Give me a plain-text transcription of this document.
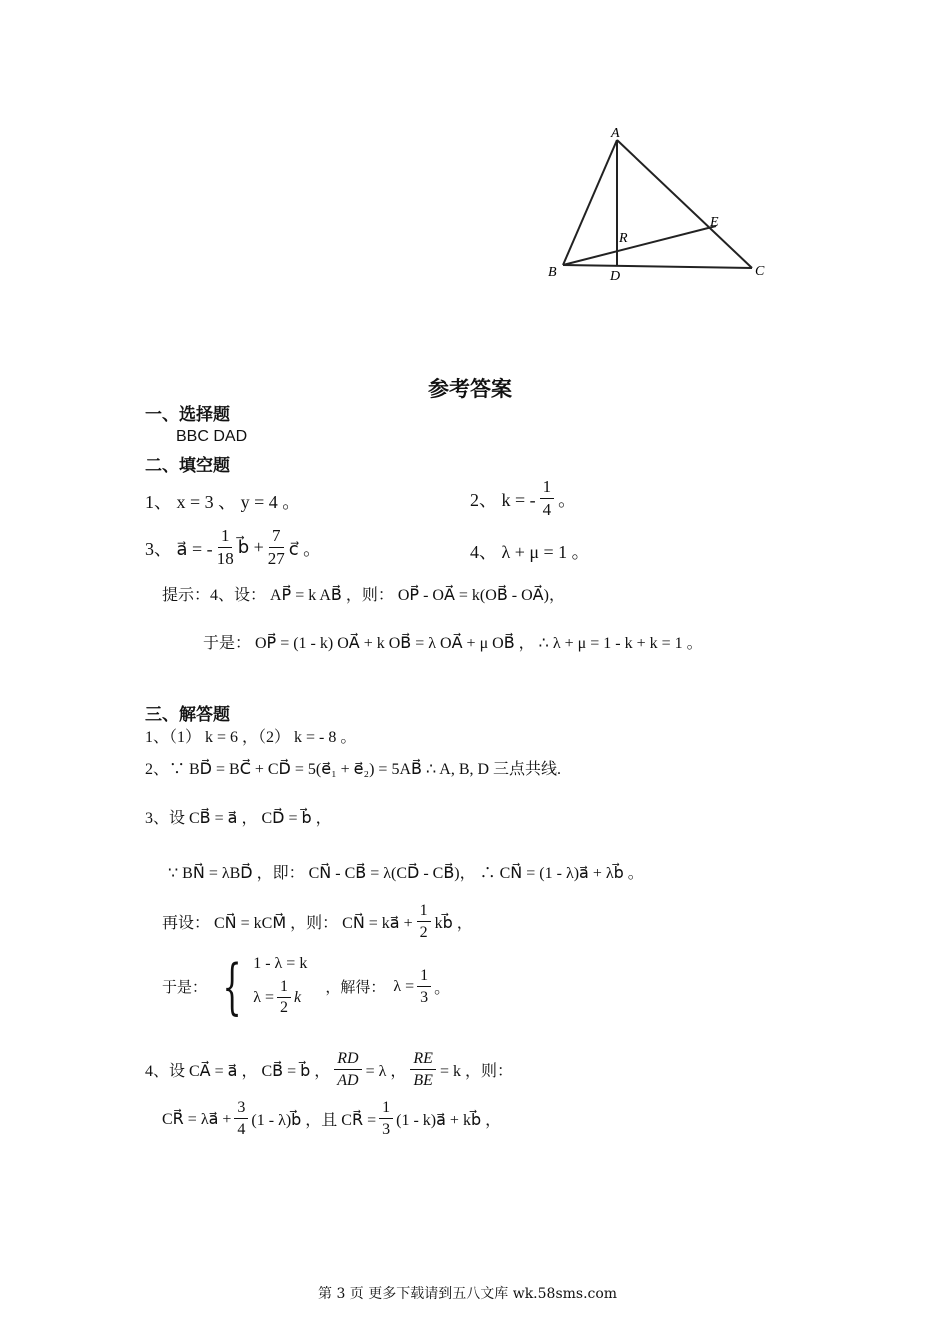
A
B	C
D
E
R
参考答案
一、选择题
BBC DAD
二、填空题
1、 x = 3 、 y = 4 。	2、 k = - $\frac{1}{4}$ 。
3、 a⃗ = - $\frac{1}{18}$ b⃗ + $\frac{7}{27}$ c⃗ 。	4、 λ + μ = 1 。
提示：4、设： AP⃗ = k AB⃗ ，则： OP⃗ - OA⃗ = k(OB⃗ - OA⃗)，
于是： OP⃗ = (1 - k) OA⃗ + k OB⃗ = λ OA⃗ + μ OB⃗ ， ∴ λ + μ = 1 - k + k = 1 。
三、解答题
1、（1） k = 6 ，（2） k = - 8 。
2、∵ BD⃗ = BC⃗ + CD⃗ = 5(e⃗₁ + e⃗₂) = 5AB⃗ ∴ A, B, D 三点共线.
3、设 CB⃗ = a⃗ ， CD⃗ = b⃗ ，
∵ BN⃗ = λBD⃗ ，即： CN⃗ - CB⃗ = λ(CD⃗ - CB⃗)， ∴ CN⃗ = (1 - λ)a⃗ + λb⃗ 。
再设： CN⃗ = kCM⃗ ，则： CN⃗ = ka⃗ + $\frac{1}{2}$ kb⃗ ，
于是： { 1 - λ = k
$\lambda = \frac{1}{2}$ k
，解得： $\lambda = \frac{1}{3}$ 。
4、设 CA⃗ = a⃗ ， CB⃗ = b⃗ ， $\frac{RD}{AD} = \lambda$ ， $\frac{RE}{BE} = k$ ，则：
CR⃗ = λa⃗ + $\frac{3}{4} (1$ - λ)b⃗ ，且 CR⃗ = $\frac{1}{3} (1$ - k)a⃗ + kb⃗ ，
第 3 页 更多下载请到五八文库 wk.58sms.com
